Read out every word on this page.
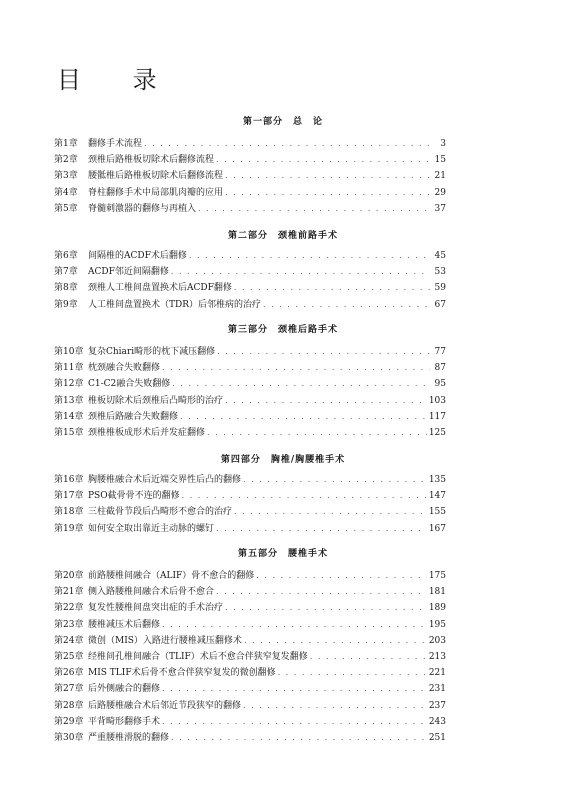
目 录
第一部分　总　论
第1章	翻修手术流程 . . .	3
第2章	颈椎后路椎板切除术后翻修流程 . . .	15
第3章	腰骶椎后路椎板切除术后翻修流程 . . .	21
第4章	脊柱翻修手术中局部肌肉瓣的应用 . . .	29
第5章	脊髓刺激器的翻修与再植入 . . .	37
第二部分　颈椎前路手术
第6章	间隔椎的ACDF术后翻修 . . .	45
第7章	ACDF邻近间隔翻修 . . .	53
第8章	颈椎人工椎间盘置换术后ACDF翻修 . . .	59
第9章	人工椎间盘置换术（TDR）后邻椎病的治疗 . . .	67
第三部分　颈椎后路手术
第10章 复杂Chiari畸形的枕下减压翻修 . . .	77
第11章 枕颈融合失败翻修 . . .	87
第12章 C1-C2融合失败翻修 . . .	95
第13章 椎板切除术后颈椎后凸畸形的治疗 . . .	103
第14章 颈椎后路融合失败翻修 . . .	117
第15章 颈椎椎板成形术后并发症翻修 . . .	125
第四部分　胸椎/胸腰椎手术
第16章 胸腰椎融合术后近端交界性后凸的翻修 . . .	135
第17章 PSO截骨骨不连的翻修 . . .	147
第18章 三柱截骨节段后凸畸形不愈合的治疗 . . .	155
第19章 如何安全取出靠近主动脉的螺钉 . . .	167
第五部分　腰椎手术
第20章 前路腰椎间融合（ALIF）骨不愈合的翻修 . . .	175
第21章 侧入路腰椎间融合术后骨不愈合 . . .	181
第22章 复发性腰椎间盘突出症的手术治疗 . . .	189
第23章 腰椎减压术后翻修 . . .	195
第24章 微创（MIS）入路进行腰椎减压翻修术 . . .	203
第25章 经椎间孔椎间融合（TLIF）术后不愈合伴狭窄复发翻修 . . .	213
第26章 MIS TLIF术后骨不愈合伴狭窄复发的微创翻修 . . .	221
第27章 后外侧融合的翻修 . . .	231
第28章 后路腰椎融合术后邻近节段狭窄的翻修 . . .	237
第29章 平背畸形翻修手术 . . .	243
第30章 严重腰椎滑脱的翻修 . . .	251
